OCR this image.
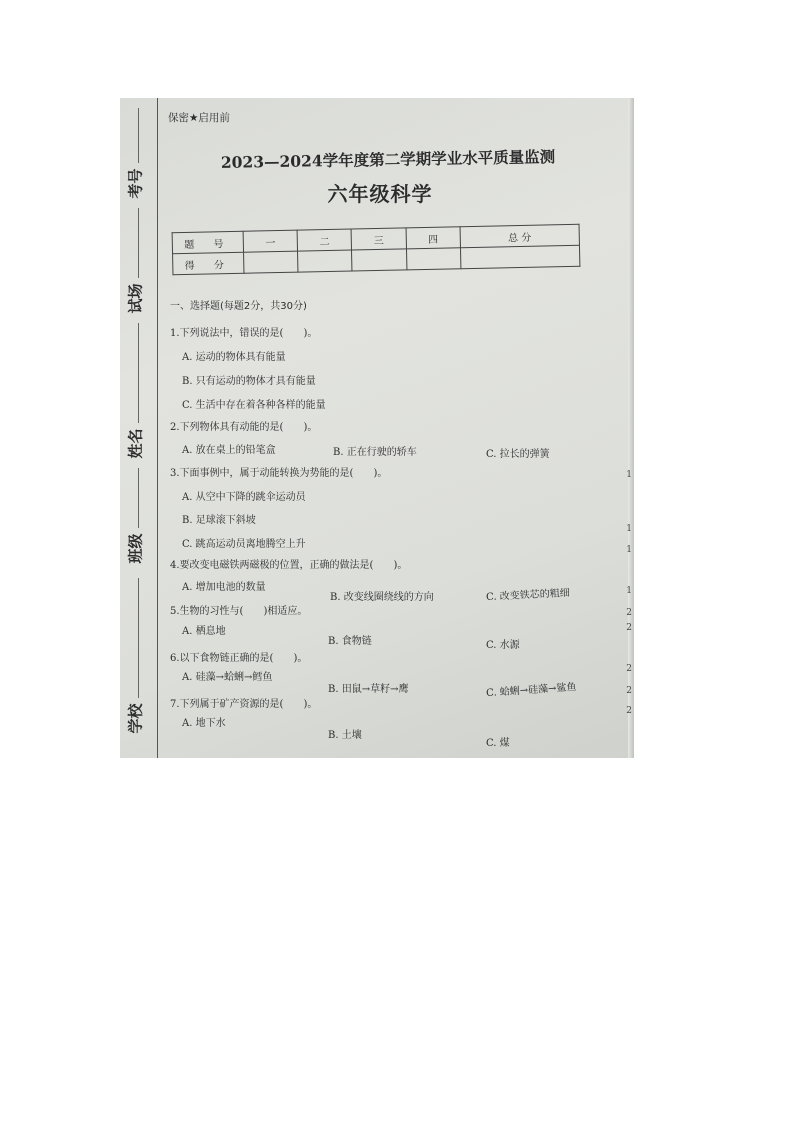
考号
试场
姓名
班级
学校
保密★启用前
2023—2024学年度第二学期学业水平质量监测
六年级科学
题 号	一	二	三	四	总 分
得 分					
一、选择题(每题2分，共30分)
1.下列说法中，错误的是(　　)。
A. 运动的物体具有能量
B. 只有运动的物体才具有能量
C. 生活中存在着各种各样的能量
2.下列物体具有动能的是(　　)。
A. 放在桌上的铅笔盒	B. 正在行驶的轿车	C. 拉长的弹簧
3.下面事例中，属于动能转换为势能的是(　　)。
A. 从空中下降的跳伞运动员
B. 足球滚下斜坡
C. 跳高运动员离地腾空上升
4.要改变电磁铁两磁极的位置，正确的做法是(　　)。
A. 增加电池的数量
B. 改变线圈绕线的方向	C. 改变铁芯的粗细
5.生物的习性与(　　)相适应。
A. 栖息地
B. 食物链	C. 水源
6.以下食物链正确的是(　　)。
A. 硅藻→蛤蜊→鳕鱼
B. 田鼠→草籽→鹰	C. 蛤蜊→硅藻→鲨鱼
7.下列属于矿产资源的是(　　)。
A. 地下水
B. 土壤
C. 煤
1
1
1
1
2
2
2
2
2
